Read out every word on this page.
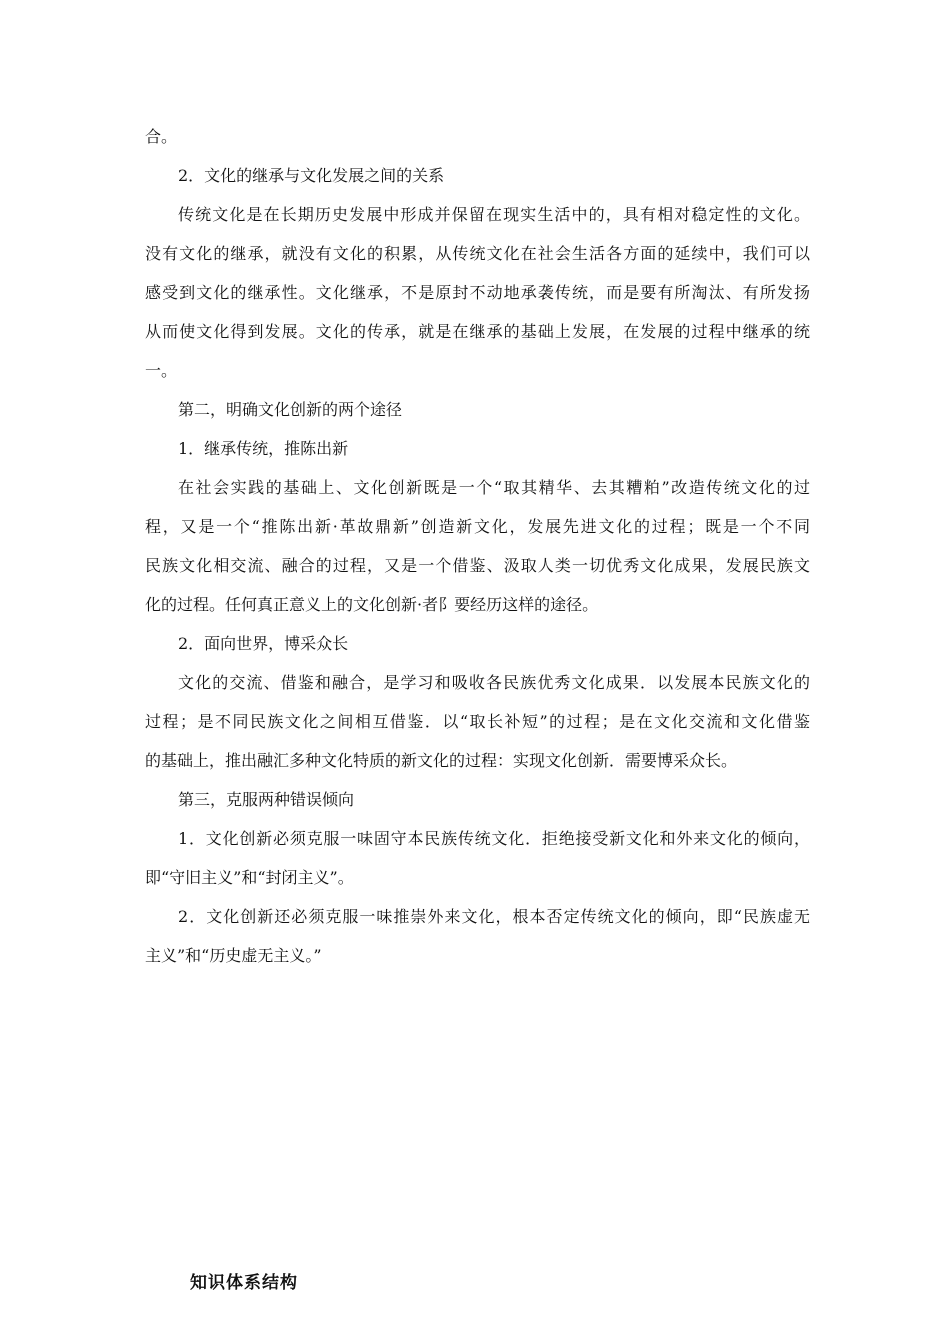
合。
2．文化的继承与文化发展之间的关系
传统文化是在长期历史发展中形成并保留在现实生活中的，具有相对稳定性的文化。
没有文化的继承，就没有文化的积累，从传统文化在社会生活各方面的延续中，我们可以
感受到文化的继承性。文化继承，不是原封不动地承袭传统，而是要有所淘汰、有所发扬
从而使文化得到发展。文化的传承，就是在继承的基础上发展，在发展的过程中继承的统
一。
第二，明确文化创新的两个途径
1．继承传统，推陈出新
在社会实践的基础上、文化创新既是一个“取其精华、去其糟粕”改造传统文化的过
程，又是一个“推陈出新·革故鼎新”创造新文化，发展先进文化的过程；既是一个不同
民族文化相交流、融合的过程，又是一个借鉴、汲取人类一切优秀文化成果，发展民族文
化的过程。任何真正意义上的文化创新·者阝要经历这样的途径。
2．面向世界，博采众长
文化的交流、借鉴和融合，是学习和吸收各民族优秀文化成果．以发展本民族文化的
过程；是不同民族文化之间相互借鉴．以“取长补短”的过程；是在文化交流和文化借鉴
的基础上，推出融汇多种文化特质的新文化的过程：实现文化创新．需要博采众长。
第三，克服两种错误倾向
1．文化创新必须克服一味固守本民族传统文化．拒绝接受新文化和外来文化的倾向，
即“守旧主义”和“封闭主义”。
2．文化创新还必须克服一味推崇外来文化，根本否定传统文化的倾向，即“民族虚无
主义”和“历史虚无主义。”
知识体系结构
